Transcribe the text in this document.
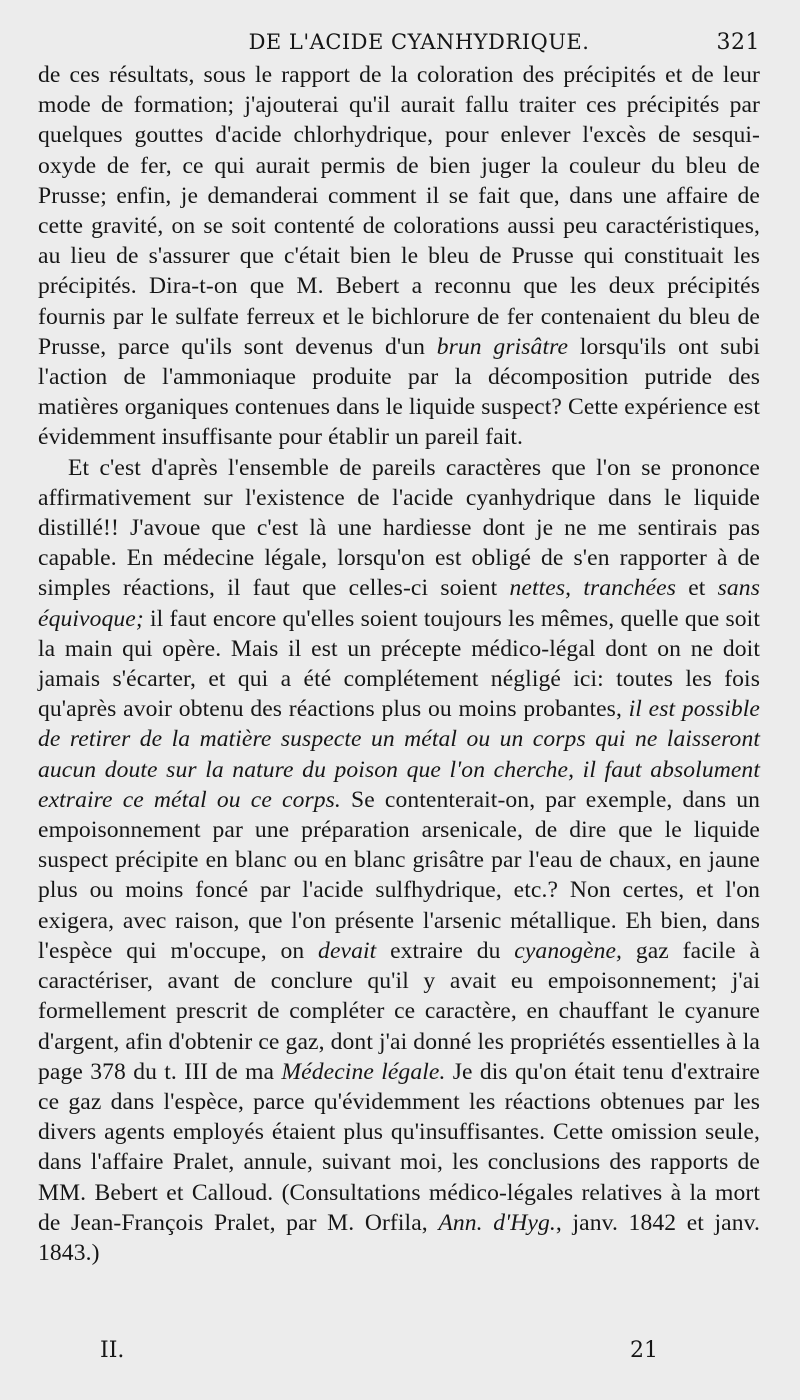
DE L'ACIDE CYANHYDRIQUE.	321

de ces résultats, sous le rapport de la coloration des précipités et de leur mode de formation; j'ajouterai qu'il aurait fallu traiter ces précipités par quelques gouttes d'acide chlorhydrique, pour enlever l'excès de sesqui-oxyde de fer, ce qui aurait permis de bien juger la couleur du bleu de Prusse; enfin, je demanderai comment il se fait que, dans une affaire de cette gravité, on se soit contenté de colorations aussi peu caractéristiques, au lieu de s'assurer que c'était bien le bleu de Prusse qui constituait les précipités. Dira-t-on que M. Bebert a reconnu que les deux précipités fournis par le sulfate ferreux et le bichlorure de fer contenaient du bleu de Prusse, parce qu'ils sont devenus d'un brun grisâtre lorsqu'ils ont subi l'action de l'ammoniaque produite par la décomposition putride des matières organiques contenues dans le liquide suspect? Cette expérience est évidemment insuffisante pour établir un pareil fait.

Et c'est d'après l'ensemble de pareils caractères que l'on se prononce affirmativement sur l'existence de l'acide cyanhydrique dans le liquide distillé!! J'avoue que c'est là une hardiesse dont je ne me sentirais pas capable. En médecine légale, lorsqu'on est obligé de s'en rapporter à de simples réactions, il faut que celles-ci soient nettes, tranchées et sans équivoque; il faut encore qu'elles soient toujours les mêmes, quelle que soit la main qui opère. Mais il est un précepte médico-légal dont on ne doit jamais s'écarter, et qui a été complétement négligé ici: toutes les fois qu'après avoir obtenu des réactions plus ou moins probantes, il est possible de retirer de la matière suspecte un métal ou un corps qui ne laisseront aucun doute sur la nature du poison que l'on cherche, il faut absolument extraire ce métal ou ce corps. Se contenterait-on, par exemple, dans un empoisonnement par une préparation arsenicale, de dire que le liquide suspect précipite en blanc ou en blanc grisâtre par l'eau de chaux, en jaune plus ou moins foncé par l'acide sulfhydrique, etc.? Non certes, et l'on exigera, avec raison, que l'on présente l'arsenic métallique. Eh bien, dans l'espèce qui m'occupe, on devait extraire du cyanogène, gaz facile à caractériser, avant de conclure qu'il y avait eu empoisonnement; j'ai formellement prescrit de compléter ce caractère, en chauffant le cyanure d'argent, afin d'obtenir ce gaz, dont j'ai donné les propriétés essentielles à la page 378 du t. III de ma Médecine légale. Je dis qu'on était tenu d'extraire ce gaz dans l'espèce, parce qu'évidemment les réactions obtenues par les divers agents employés étaient plus qu'insuffisantes. Cette omission seule, dans l'affaire Pralet, annule, suivant moi, les conclusions des rapports de MM. Bebert et Calloud. (Consultations médico-légales relatives à la mort de Jean-François Pralet, par M. Orfila, Ann. d'Hyg., janv. 1842 et janv. 1843.)

II.	21
